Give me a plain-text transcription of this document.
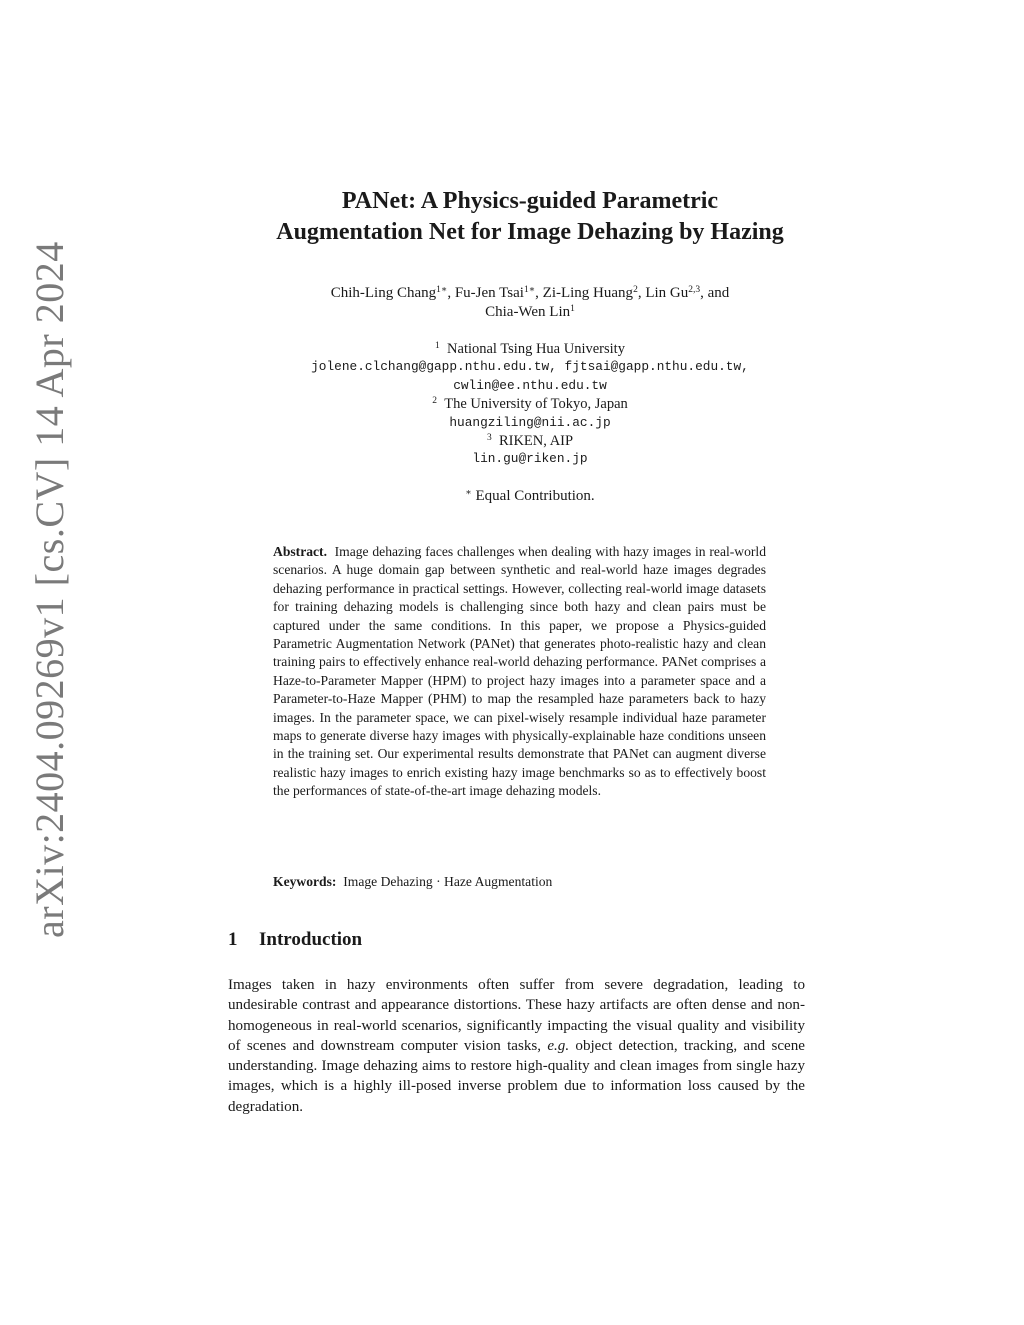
arXiv:2404.09269v1 [cs.CV] 14 Apr 2024
PANet: A Physics-guided Parametric
Augmentation Net for Image Dehazing by Hazing
Chih-Ling Chang$^{1∗}$, Fu-Jen Tsai$^{1∗}$, Zi-Ling Huang$^2$, Lin Gu$^{2,3}$, and
Chia-Wen Lin$^1$
$^1$ National Tsing Hua University
jolene.clchang@gapp.nthu.edu.tw, fjtsai@gapp.nthu.edu.tw,
cwlin@ee.nthu.edu.tw
$^2$ The University of Tokyo, Japan
huangziling@nii.ac.jp
$^3$ RIKEN, AIP
lin.gu@riken.jp
∗ Equal Contribution.

Abstract. Image dehazing faces challenges when dealing with hazy images in real-world scenarios. A huge domain gap between synthetic and real-world haze images degrades dehazing performance in practical settings. However, collecting real-world image datasets for training dehazing models is challenging since both hazy and clean pairs must be captured under the same conditions. In this paper, we propose a Physics-guided Parametric Augmentation Network (PANet) that generates photo-realistic hazy and clean training pairs to effectively enhance real-world dehazing performance. PANet comprises a Haze-to-Parameter Mapper (HPM) to project hazy images into a parameter space and a Parameter-to-Haze Mapper (PHM) to map the resampled haze parameters back to hazy images. In the parameter space, we can pixel-wisely resample individual haze parameter maps to generate diverse hazy images with physically-explainable haze conditions unseen in the training set. Our experimental results demonstrate that PANet can augment diverse realistic hazy images to enrich existing hazy image benchmarks so as to effectively boost the performances of state-of-the-art image dehazing models.

Keywords: Image Dehazing · Haze Augmentation

1 Introduction

Images taken in hazy environments often suffer from severe degradation, leading to undesirable contrast and appearance distortions. These hazy artifacts are often dense and non-homogeneous in real-world scenarios, significantly impacting the visual quality and visibility of scenes and downstream computer vision tasks, e.g. object detection, tracking, and scene understanding. Image dehazing aims to restore high-quality and clean images from single hazy images, which is a highly ill-posed inverse problem due to information loss caused by the degradation.
